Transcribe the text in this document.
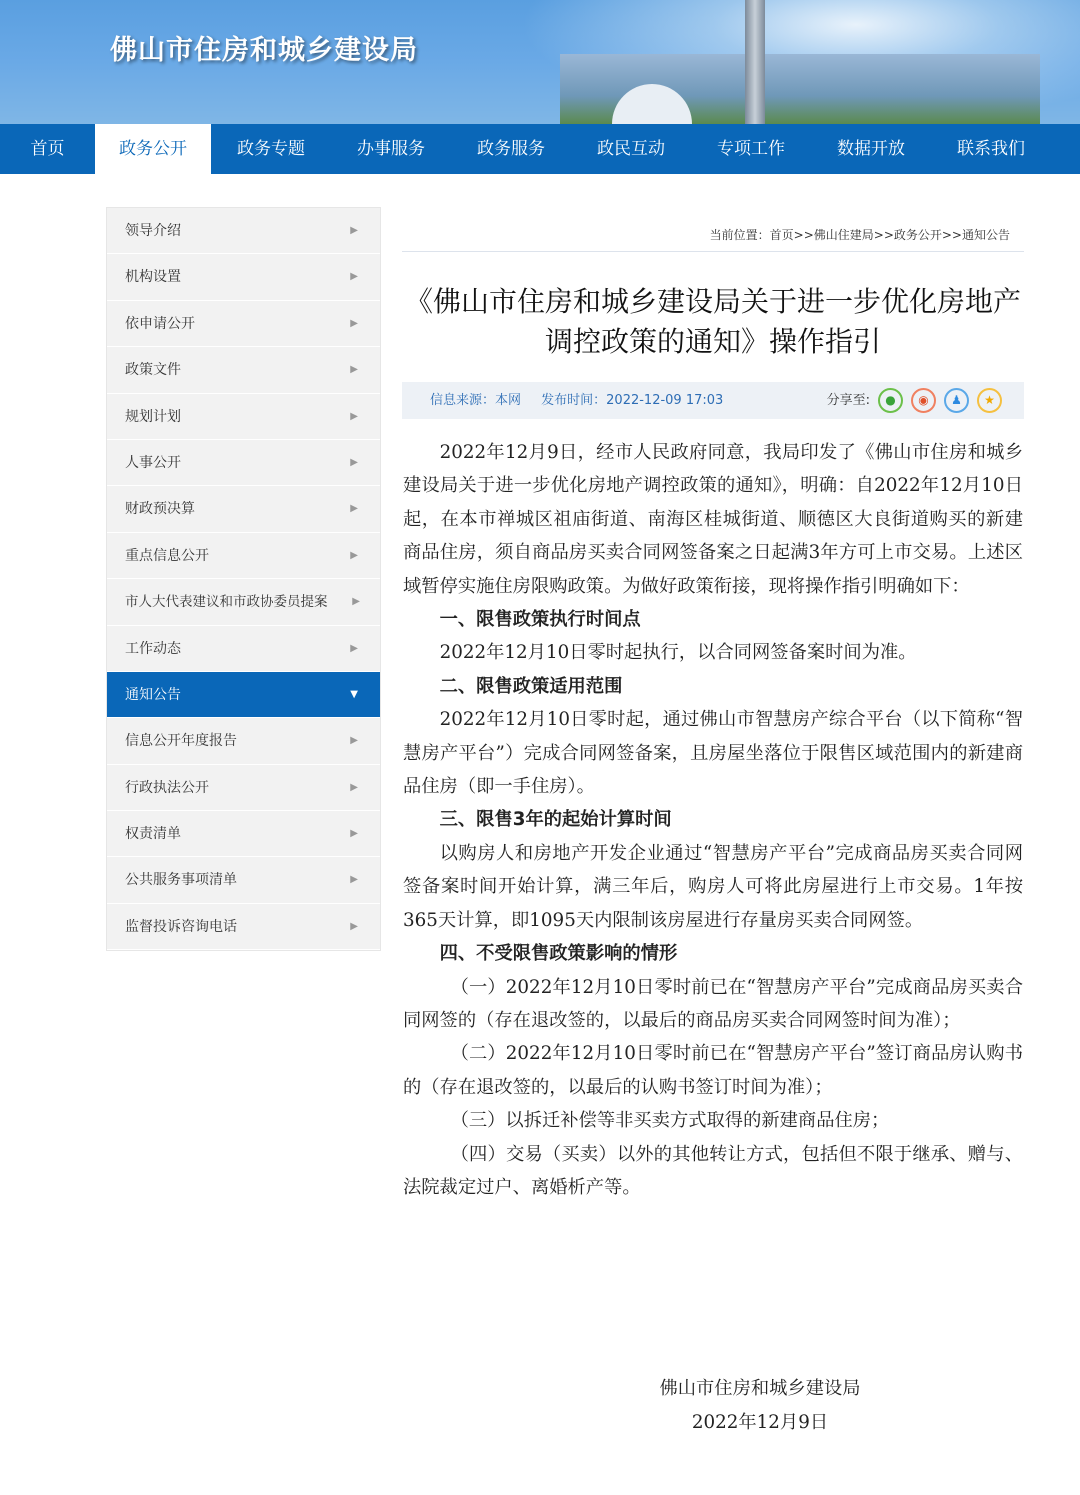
佛山市住房和城乡建设局
首页	政务公开	政务专题	办事服务	政务服务	政民互动	专项工作	数据开放	联系我们
领导介绍	▶
机构设置	▶
依申请公开	▶
政策文件	▶
规划计划	▶
人事公开	▶
财政预决算	▶
重点信息公开	▶
市人大代表建议和市政协委员提案 ▶
工作动态	▶
通知公告	▼
信息公开年度报告	▶
行政执法公开	▶
权责清单	▶
公共服务事项清单	▶
监督投诉咨询电话	▶
当前位置：首页>>佛山住建局>>政务公开>>通知公告
《佛山市住房和城乡建设局关于进一步优化房地产
调控政策的通知》操作指引
信息来源：本网 发布时间：2022-12-09 17:03	分享至:	●	◉	♟	★

2022年12月9日，经市人民政府同意，我局印发了《佛山市住房和城乡建设局关于进一步优化房地产调控政策的通知》，明确：自2022年12月10日起，在本市禅城区祖庙街道、南海区桂城街道、顺德区大良街道购买的新建商品住房，须自商品房买卖合同网签备案之日起满3年方可上市交易。上述区域暂停实施住房限购政策。为做好政策衔接，现将操作指引明确如下：

一、限售政策执行时间点

2022年12月10日零时起执行，以合同网签备案时间为准。

二、限售政策适用范围

2022年12月10日零时起，通过佛山市智慧房产综合平台（以下简称“智慧房产平台”）完成合同网签备案，且房屋坐落位于限售区域范围内的新建商品住房（即一手住房）。

三、限售3年的起始计算时间

以购房人和房地产开发企业通过“智慧房产平台”完成商品房买卖合同网签备案时间开始计算，满三年后，购房人可将此房屋进行上市交易。1年按365天计算，即1095天内限制该房屋进行存量房买卖合同网签。

四、不受限售政策影响的情形

（一）2022年12月10日零时前已在“智慧房产平台”完成商品房买卖合同网签的（存在退改签的，以最后的商品房买卖合同网签时间为准）；

（二）2022年12月10日零时前已在“智慧房产平台”签订商品房认购书的（存在退改签的，以最后的认购书签订时间为准）；

（三）以拆迁补偿等非买卖方式取得的新建商品住房；

（四）交易（买卖）以外的其他转让方式，包括但不限于继承、赠与、法院裁定过户、离婚析产等。

佛山市住房和城乡建设局
2022年12月9日
